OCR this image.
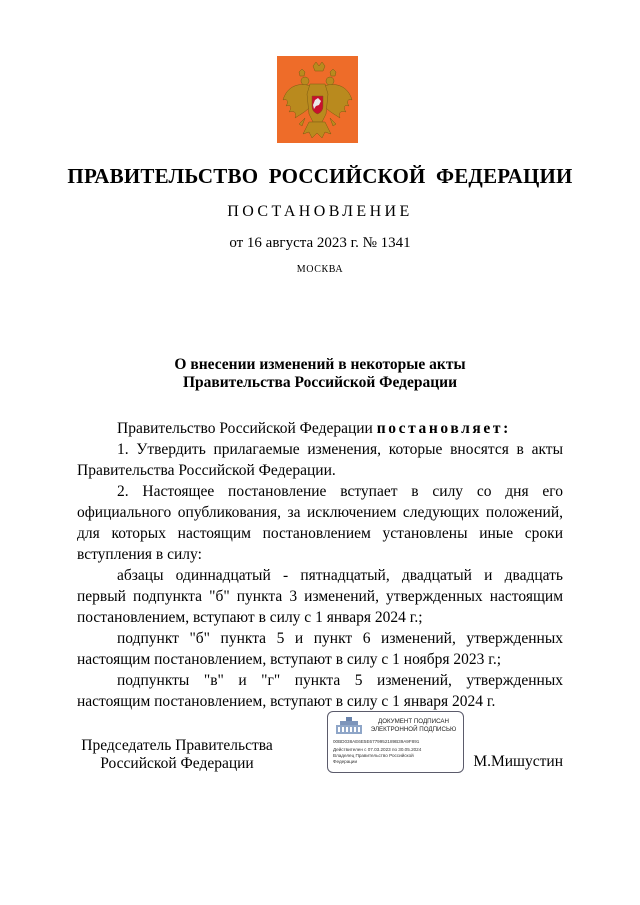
ПРАВИТЕЛЬСТВО РОССИЙСКОЙ ФЕДЕРАЦИИ
ПОСТАНОВЛЕНИЕ
от 16 августа 2023 г. № 1341
МОСКВА
О внесении изменений в некоторые акты
Правительства Российской Федерации

Правительство Российской Федерации постановляет:

1. Утвердить прилагаемые изменения, которые вносятся в акты Правительства Российской Федерации.

2. Настоящее постановление вступает в силу со дня его официального опубликования, за исключением следующих положений, для которых настоящим постановлением установлены иные сроки вступления в силу:

абзацы одиннадцатый - пятнадцатый, двадцатый и двадцать первый подпункта "б" пункта 3 изменений, утвержденных настоящим постановлением, вступают в силу с 1 января 2024 г.;

подпункт "б" пункта 5 и пункт 6 изменений, утвержденных настоящим постановлением, вступают в силу с 1 ноября 2023 г.;

подпункты "в" и "г" пункта 5 изменений, утвержденных настоящим постановлением, вступают в силу с 1 января 2024 г.

Председатель Правительства
Российской Федерации
ДОКУМЕНТ ПОДПИСАН
ЭЛЕКТРОННОЙ ПОДПИСЬЮ
00BD038AE6E5E6779952189B39A9F891
Действителен с 07.03.2023 по 30.05.2024
Владелец Правительство Российской
Федерации	М.Мишустин
